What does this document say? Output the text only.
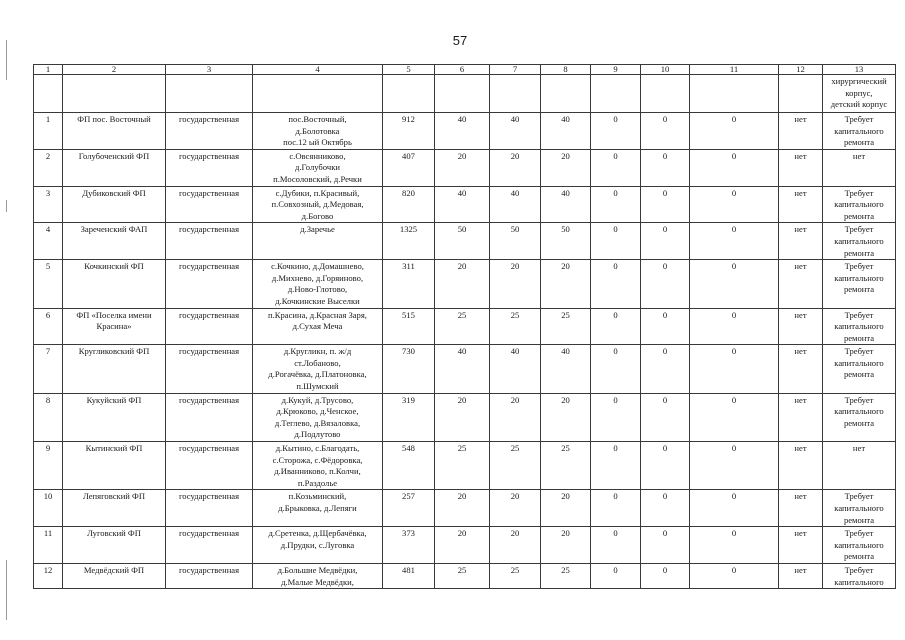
57
1	2	3	4	5	6	7	8	9	10	11	12	13

												хирургический
корпус,
детский корпус

1	ФП пос. Восточный	государственная	пос.Восточный,
д.Болотовка
пос.12 ый Октябрь	912	40	40	40	0	0	0	нет	Требует
капитального
ремонта

2	Голубоченский ФП	государственная	с.Овсянниково,
д.Голубочки
п.Мосоловский, д.Речки	407	20	20	20	0	0	0	нет	нет

3	Дубиковский ФП	государственная	с.Дубики, п.Красивый,
п.Совхозный, д.Медовая,
д.Богово	820	40	40	40	0	0	0	нет	Требует
капитального
ремонта

4	Зареченский ФАП	государственная	д.Заречье	1325	50	50	50	0	0	0	нет	Требует
капитального
ремонта

5	Кочкинский ФП	государственная	с.Кочкино, д.Домашнево,
д.Михнево, д.Горяиново,
д.Ново-Глотово,
д.Кочкинские Выселки	311	20	20	20	0	0	0	нет	Требует
капитального
ремонта

6	ФП «Поселка имени
Красина»	государственная	п.Красина, д.Красная Заря,
д.Сухая Меча	515	25	25	25	0	0	0	нет	Требует
капитального
ремонта

7	Кругликовский ФП	государственная	д.Кругликн, п. ж/д
ст.Лобаново,
д.Рогачёвка, д.Платоновка,
п.Шумский	730	40	40	40	0	0	0	нет	Требует
капитального
ремонта

8	Кукуйский ФП	государственная	д.Кукуй, д.Трусово,
д.Крюково, д.Ченское,
д.Теглево, д.Вязаловка,
д.Подлутово	319	20	20	20	0	0	0	нет	Требует
капитального
ремонта

9	Кытинский ФП	государственная	д.Кытино, с.Благодать,
с.Сторожа, с.Фёдоровка,
д.Иванниково, п.Колчи,
п.Раздолье	548	25	25	25	0	0	0	нет	нет

10	Лепяговский ФП	государственная	п.Козьминский,
д.Брыковка, д.Лепяги	257	20	20	20	0	0	0	нет	Требует
капитального
ремонта

11	Луговский ФП	государственная	д.Сретенка, д.Щербачёвка,
д.Прудки, с.Луговка	373	20	20	20	0	0	0	нет	Требует
капитального
ремонта

12	Медвёдский ФП	государственная	д.Большие Медвёдки,
д.Малые Медвёдки,	481	25	25	25	0	0	0	нет	Требует
капитального
